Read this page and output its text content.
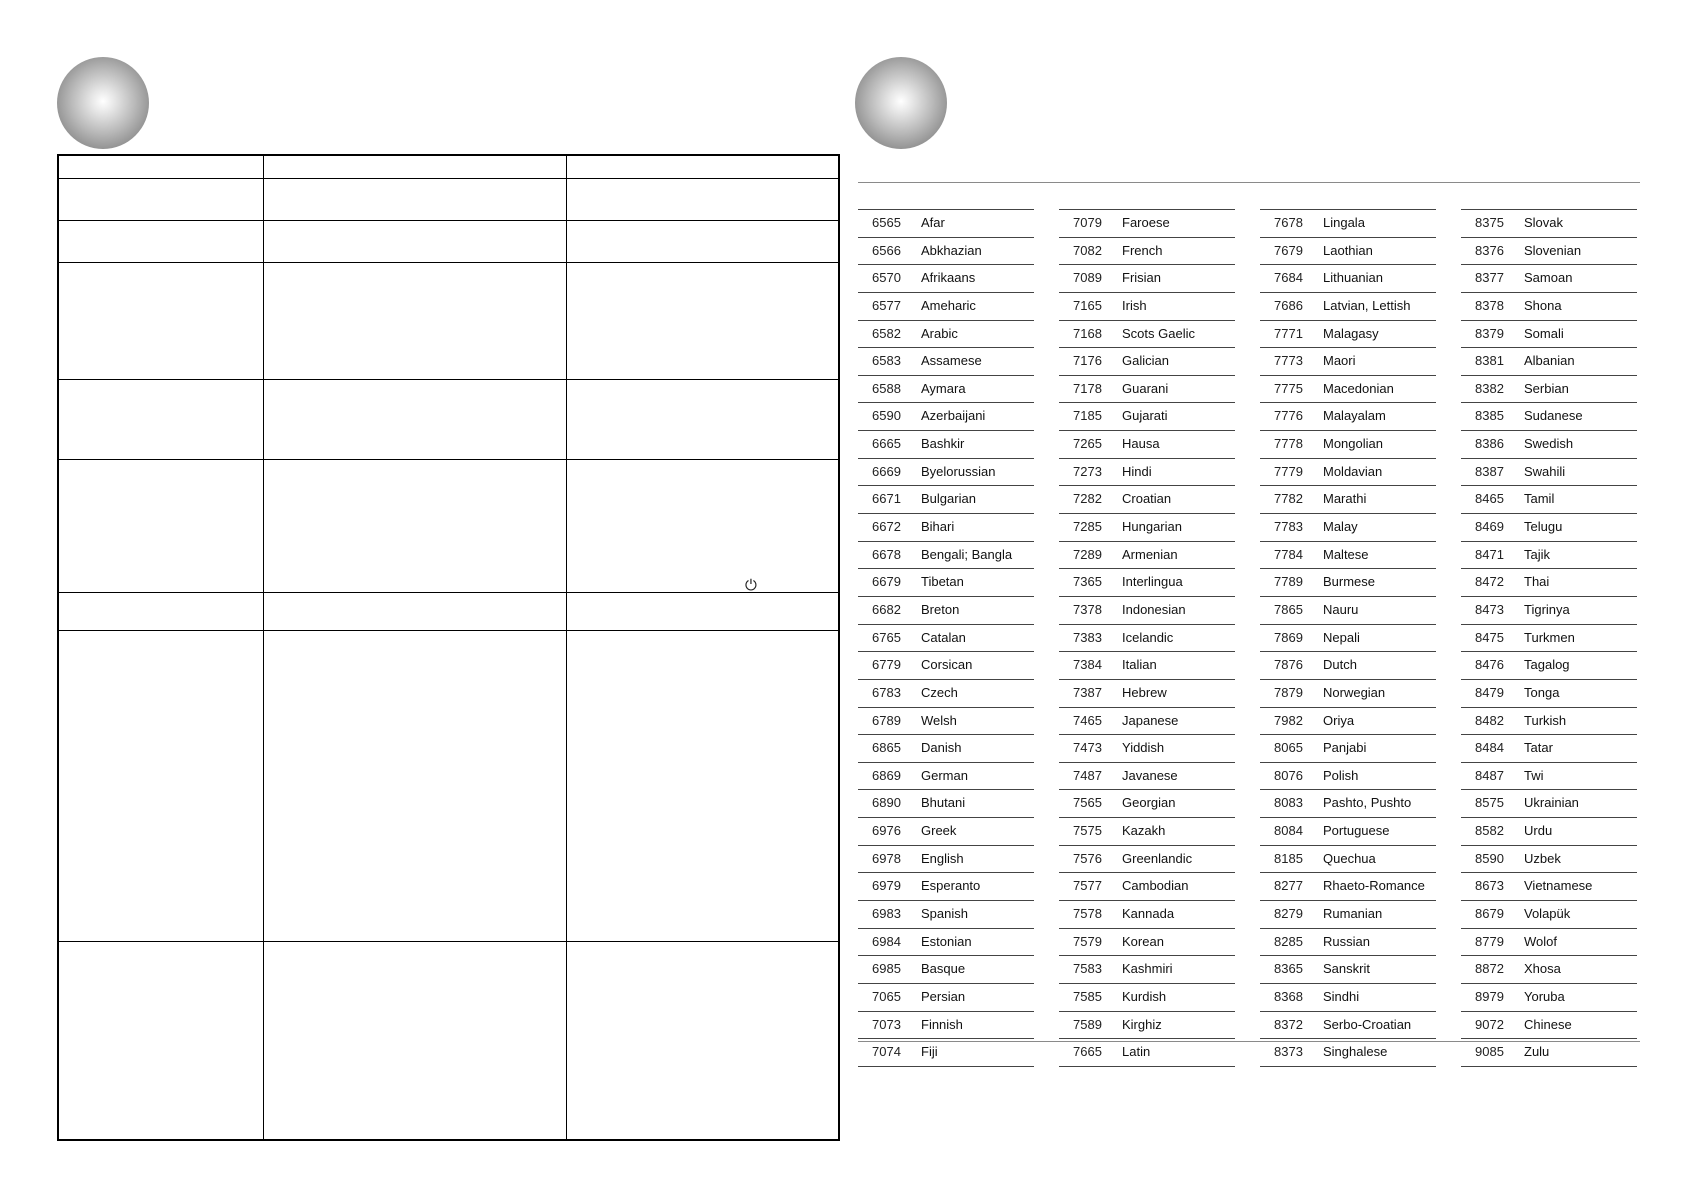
⏻
6565 Afar
6566 Abkhazian
6570 Afrikaans
6577 Ameharic
6582 Arabic
6583 Assamese
6588 Aymara
6590 Azerbaijani
6665 Bashkir
6669 Byelorussian
6671 Bulgarian
6672 Bihari
6678 Bengali; Bangla
6679 Tibetan
6682 Breton
6765 Catalan
6779 Corsican
6783 Czech
6789 Welsh
6865 Danish
6869 German
6890 Bhutani
6976 Greek
6978 English
6979 Esperanto
6983 Spanish
6984 Estonian
6985 Basque
7065 Persian
7073 Finnish
7074 Fiji
7079 Faroese
7082 French
7089 Frisian
7165 Irish
7168 Scots Gaelic
7176 Galician
7178 Guarani
7185 Gujarati
7265 Hausa
7273 Hindi
7282 Croatian
7285 Hungarian
7289 Armenian
7365 Interlingua
7378 Indonesian
7383 Icelandic
7384 Italian
7387 Hebrew
7465 Japanese
7473 Yiddish
7487 Javanese
7565 Georgian
7575 Kazakh
7576 Greenlandic
7577 Cambodian
7578 Kannada
7579 Korean
7583 Kashmiri
7585 Kurdish
7589 Kirghiz
7665 Latin
7678 Lingala
7679 Laothian
7684 Lithuanian
7686 Latvian, Lettish
7771 Malagasy
7773 Maori
7775 Macedonian
7776 Malayalam
7778 Mongolian
7779 Moldavian
7782 Marathi
7783 Malay
7784 Maltese
7789 Burmese
7865 Nauru
7869 Nepali
7876 Dutch
7879 Norwegian
7982 Oriya
8065 Panjabi
8076 Polish
8083 Pashto, Pushto
8084 Portuguese
8185 Quechua
8277 Rhaeto-Romance
8279 Rumanian
8285 Russian
8365 Sanskrit
8368 Sindhi
8372 Serbo-Croatian
8373 Singhalese
8375 Slovak
8376 Slovenian
8377 Samoan
8378 Shona
8379 Somali
8381 Albanian
8382 Serbian
8385 Sudanese
8386 Swedish
8387 Swahili
8465 Tamil
8469 Telugu
8471 Tajik
8472 Thai
8473 Tigrinya
8475 Turkmen
8476 Tagalog
8479 Tonga
8482 Turkish
8484 Tatar
8487 Twi
8575 Ukrainian
8582 Urdu
8590 Uzbek
8673 Vietnamese
8679 Volapük
8779 Wolof
8872 Xhosa
8979 Yoruba
9072 Chinese
9085 Zulu
